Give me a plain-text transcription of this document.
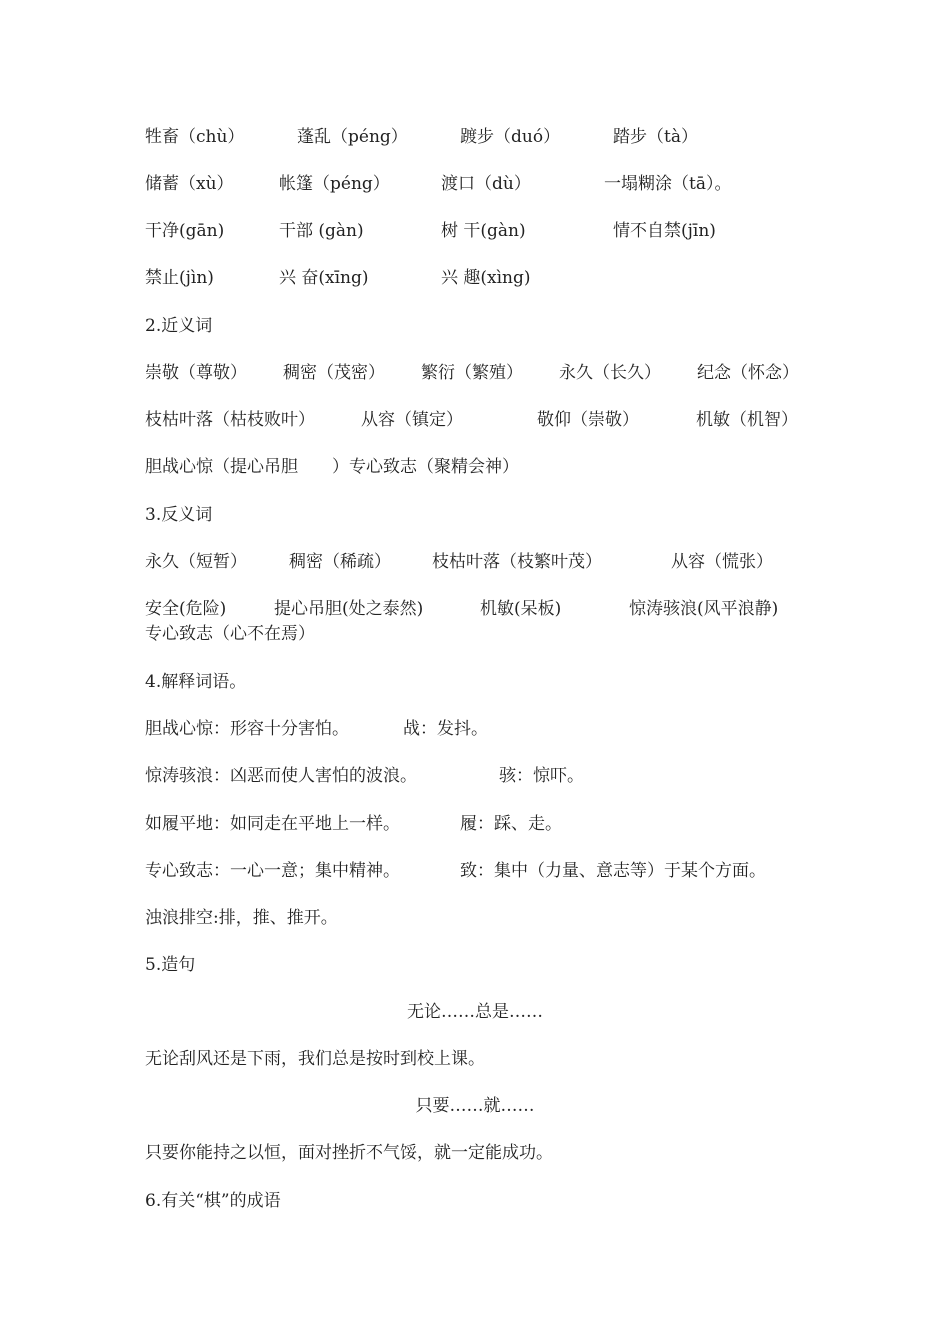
牲畜（chù）	蓬乱（péng）	踱步（duó）	踏步（tà）
储蓄（xù）	帐篷（péng）	渡口（dù）	一塌糊涂（tā）。
干净(gān)	干部 (gàn)	树 干(gàn)	情不自禁(jīn)
禁止(jìn)	兴 奋(xīng)	兴 趣(xìng)
2.近义词
崇敬（尊敬） 稠密（茂密） 繁衍（繁殖） 永久（长久） 纪念（怀念）
枝枯叶落（枯枝败叶）	从容（镇定）	敬仰（崇敬）	机敏（机智）
胆战心惊（提心吊胆　　）专心致志（聚精会神）
3.反义词
永久（短暂） 稠密（稀疏） 枝枯叶落（枝繁叶茂）	从容（慌张）
安全(危险)	提心吊胆(处之泰然)	机敏(呆板)	惊涛骇浪(风平浪静)
专心致志（心不在焉）
4.解释词语。
胆战心惊：形容十分害怕。	战：发抖。
惊涛骇浪：凶恶而使人害怕的波浪。	骇：惊吓。
如履平地：如同走在平地上一样。	履：踩、走。
专心致志：一心一意；集中精神。	致：集中（力量、意志等）于某个方面。
浊浪排空:排，推、推开。
5.造句
无论……总是……
无论刮风还是下雨，我们总是按时到校上课。
只要……就……
只要你能持之以恒，面对挫折不气馁，就一定能成功。
6.有关“棋”的成语
